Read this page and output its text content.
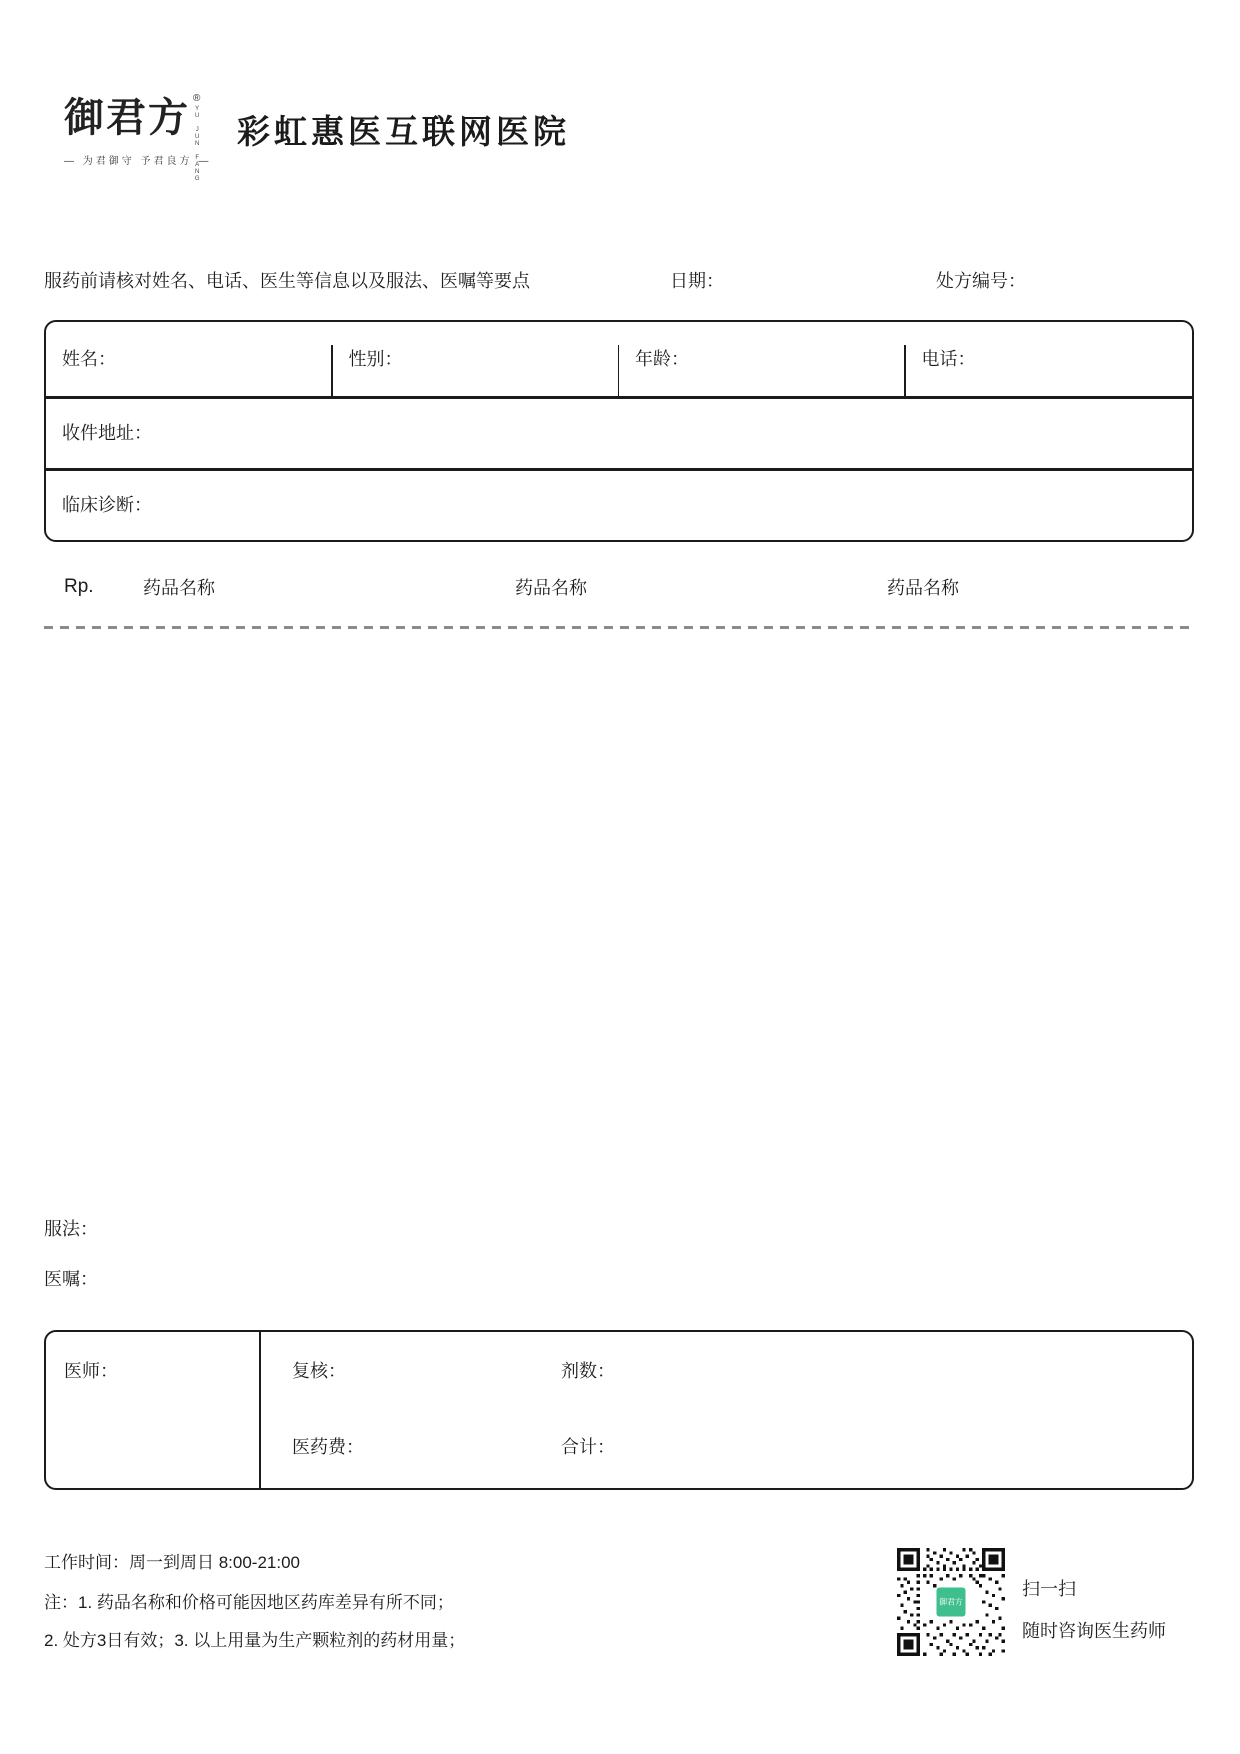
御君方 ®
YU JUN FANG
— 为君御守 予君良方 —
彩虹惠医互联网医院
服药前请核对姓名、电话、医生等信息以及服法、医嘱等要点	日期：	处方编号：
姓名：	性别：	年龄：	电话：
收件地址：
临床诊断：
Rp.	药品名称	药品名称	药品名称
服法：
医嘱：
医师：	复核：	剂数：
医药费：	合计：
工作时间：周一到周日 8:00-21:00
注：1. 药品名称和价格可能因地区药库差异有所不同；
2. 处方3日有效；3. 以上用量为生产颗粒剂的药材用量；
御君方
扫一扫
随时咨询医生药师
